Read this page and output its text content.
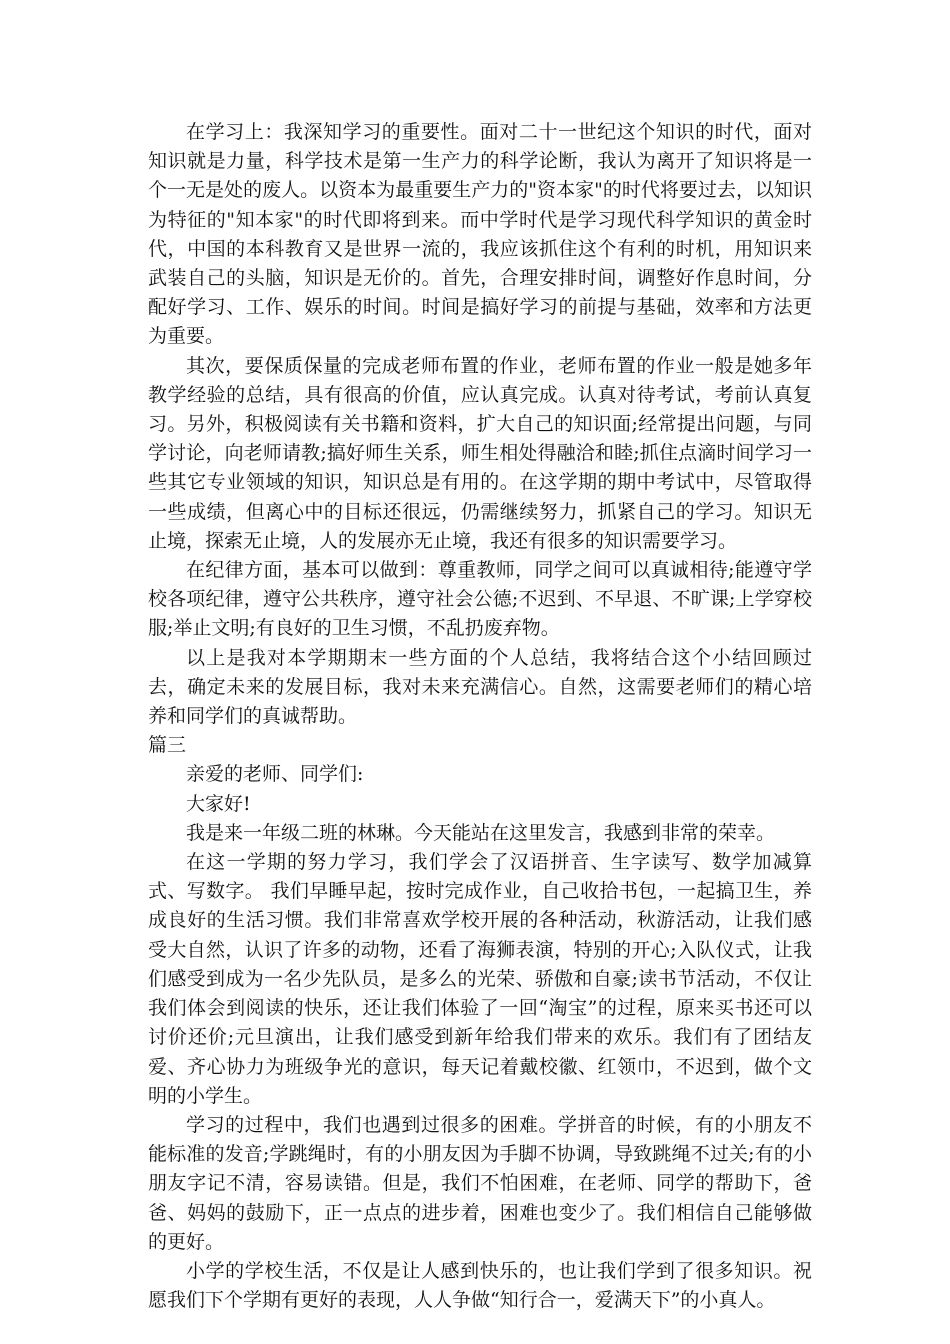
在学习上：我深知学习的重要性。面对二十一世纪这个知识的时代，面对知识就是力量，科学技术是第一生产力的科学论断，我认为离开了知识将是一个一无是处的废人。以资本为最重要生产力的"资本家"的时代将要过去，以知识为特征的"知本家"的时代即将到来。而中学时代是学习现代科学知识的黄金时代，中国的本科教育又是世界一流的，我应该抓住这个有利的时机，用知识来武装自己的头脑，知识是无价的。首先，合理安排时间，调整好作息时间，分配好学习、工作、娱乐的时间。时间是搞好学习的前提与基础，效率和方法更为重要。

其次，要保质保量的完成老师布置的作业，老师布置的作业一般是她多年教学经验的总结，具有很高的价值，应认真完成。认真对待考试，考前认真复习。另外，积极阅读有关书籍和资料，扩大自己的知识面;经常提出问题，与同学讨论，向老师请教;搞好师生关系，师生相处得融洽和睦;抓住点滴时间学习一些其它专业领域的知识，知识总是有用的。在这学期的期中考试中，尽管取得一些成绩，但离心中的目标还很远，仍需继续努力，抓紧自己的学习。知识无止境，探索无止境，人的发展亦无止境，我还有很多的知识需要学习。

在纪律方面，基本可以做到：尊重教师，同学之间可以真诚相待;能遵守学校各项纪律，遵守公共秩序，遵守社会公德;不迟到、不早退、不旷课;上学穿校服;举止文明;有良好的卫生习惯，不乱扔废弃物。

以上是我对本学期期末一些方面的个人总结，我将结合这个小结回顾过去，确定未来的发展目标，我对未来充满信心。自然，这需要老师们的精心培养和同学们的真诚帮助。

篇三

亲爱的老师、同学们:

大家好!

我是来一年级二班的林琳。今天能站在这里发言，我感到非常的荣幸。

在这一学期的努力学习，我们学会了汉语拼音、生字读写、数学加减算式、写数字。 我们早睡早起，按时完成作业，自己收拾书包，一起搞卫生，养成良好的生活习惯。我们非常喜欢学校开展的各种活动，秋游活动，让我们感受大自然，认识了许多的动物，还看了海狮表演，特别的开心;入队仪式，让我们感受到成为一名少先队员，是多么的光荣、骄傲和自豪;读书节活动，不仅让我们体会到阅读的快乐，还让我们体验了一回“淘宝”的过程，原来买书还可以讨价还价;元旦演出，让我们感受到新年给我们带来的欢乐。我们有了团结友爱、齐心协力为班级争光的意识，每天记着戴校徽、红领巾，不迟到，做个文明的小学生。

学习的过程中，我们也遇到过很多的困难。学拼音的时候，有的小朋友不能标准的发音;学跳绳时，有的小朋友因为手脚不协调，导致跳绳不过关;有的小朋友字记不清，容易读错。但是，我们不怕困难，在老师、同学的帮助下，爸爸、妈妈的鼓励下，正一点点的进步着，困难也变少了。我们相信自己能够做的更好。

小学的学校生活，不仅是让人感到快乐的，也让我们学到了很多知识。祝愿我们下个学期有更好的表现，人人争做“知行合一，爱满天下”的小真人。
